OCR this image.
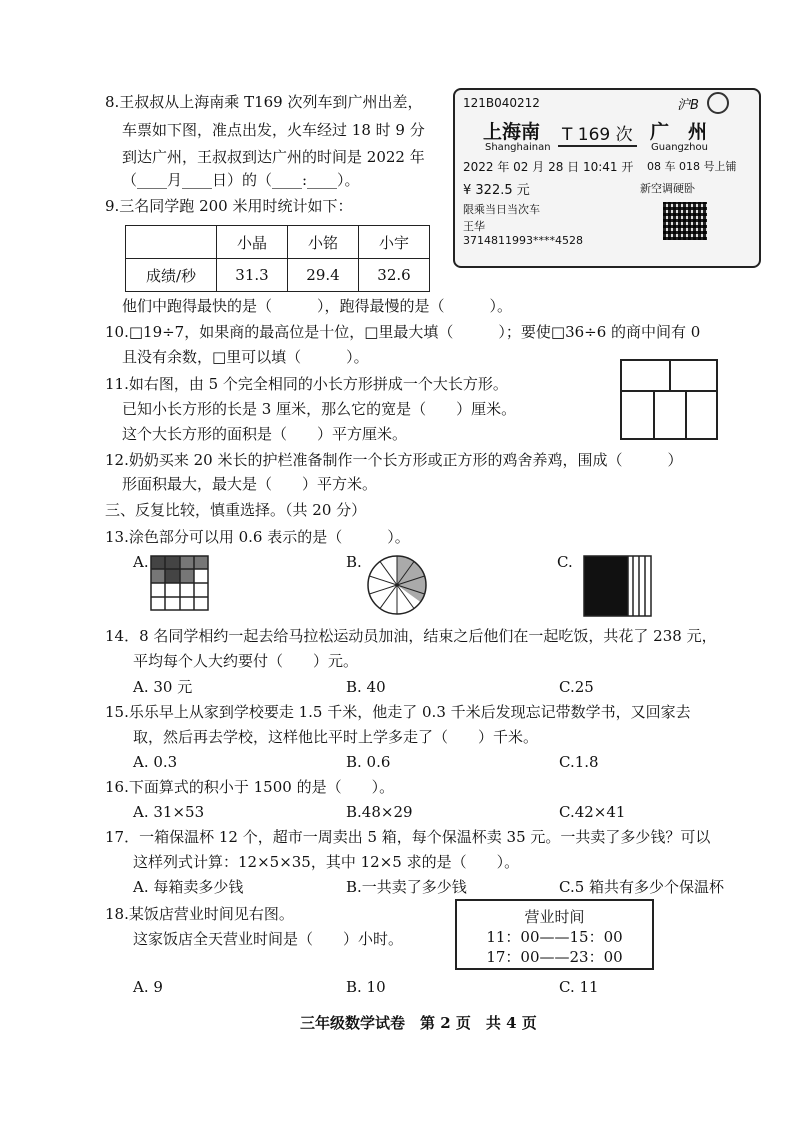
8.王叔叔从上海南乘 T169 次列车到广州出差，
车票如下图，准点出发，火车经过 18 时 9 分
到达广州，王叔叔到达广州的时间是 2022 年
（____月____日）的（____:____）。
121B040212	沪B
上海南
Shanghainan
T 169 次 广　州
Guangzhou
2022 年 02 月 28 日 10:41 开 08 车 018 号上铺
¥ 322.5 元	新空调硬卧
限乘当日当次车
王华
3714811993****4528
9.三名同学跑 200 米用时统计如下：
	小晶	小铭	小宇
成绩/秒	31.3	29.4	32.6
他们中跑得最快的是（　　　），跑得最慢的是（　　　）。
10.□19÷7，如果商的最高位是十位，□里最大填（　　　）；要使□36÷6 的商中间有 0
且没有余数，□里可以填（　　　）。
11.如右图，由 5 个完全相同的小长方形拼成一个大长方形。
已知小长方形的长是 3 厘米，那么它的宽是（　　）厘米。
这个大长方形的面积是（　　）平方厘米。
12.奶奶买来 20 米长的护栏准备制作一个长方形或正方形的鸡舍养鸡，围成（　　　）
形面积最大，最大是（　　）平方米。
三、反复比较，慎重选择。（共 20 分）
13.涂色部分可以用 0.6 表示的是（　　　）。
A.	B.	C.
14．8 名同学相约一起去给马拉松运动员加油，结束之后他们在一起吃饭，共花了 238 元，
平均每个人大约要付（　　）元。
A. 30 元	B. 40	C.25
15.乐乐早上从家到学校要走 1.5 千米，他走了 0.3 千米后发现忘记带数学书，又回家去
取，然后再去学校，这样他比平时上学多走了（　　）千米。
A. 0.3	B. 0.6	C.1.8
16.下面算式的积小于 1500 的是（　　）。
A. 31×53	B.48×29	C.42×41
17．一箱保温杯 12 个，超市一周卖出 5 箱，每个保温杯卖 35 元。一共卖了多少钱？可以
这样列式计算：12×5×35，其中 12×5 求的是（　　）。
A. 每箱卖多少钱	B.一共卖了多少钱	C.5 箱共有多少个保温杯
18.某饭店营业时间见右图。
这家饭店全天营业时间是（　　）小时。
营业时间
11：00——15：00
17：00——23：00
A. 9	B. 10	C. 11
三年级数学试卷　第 2 页　共 4 页
